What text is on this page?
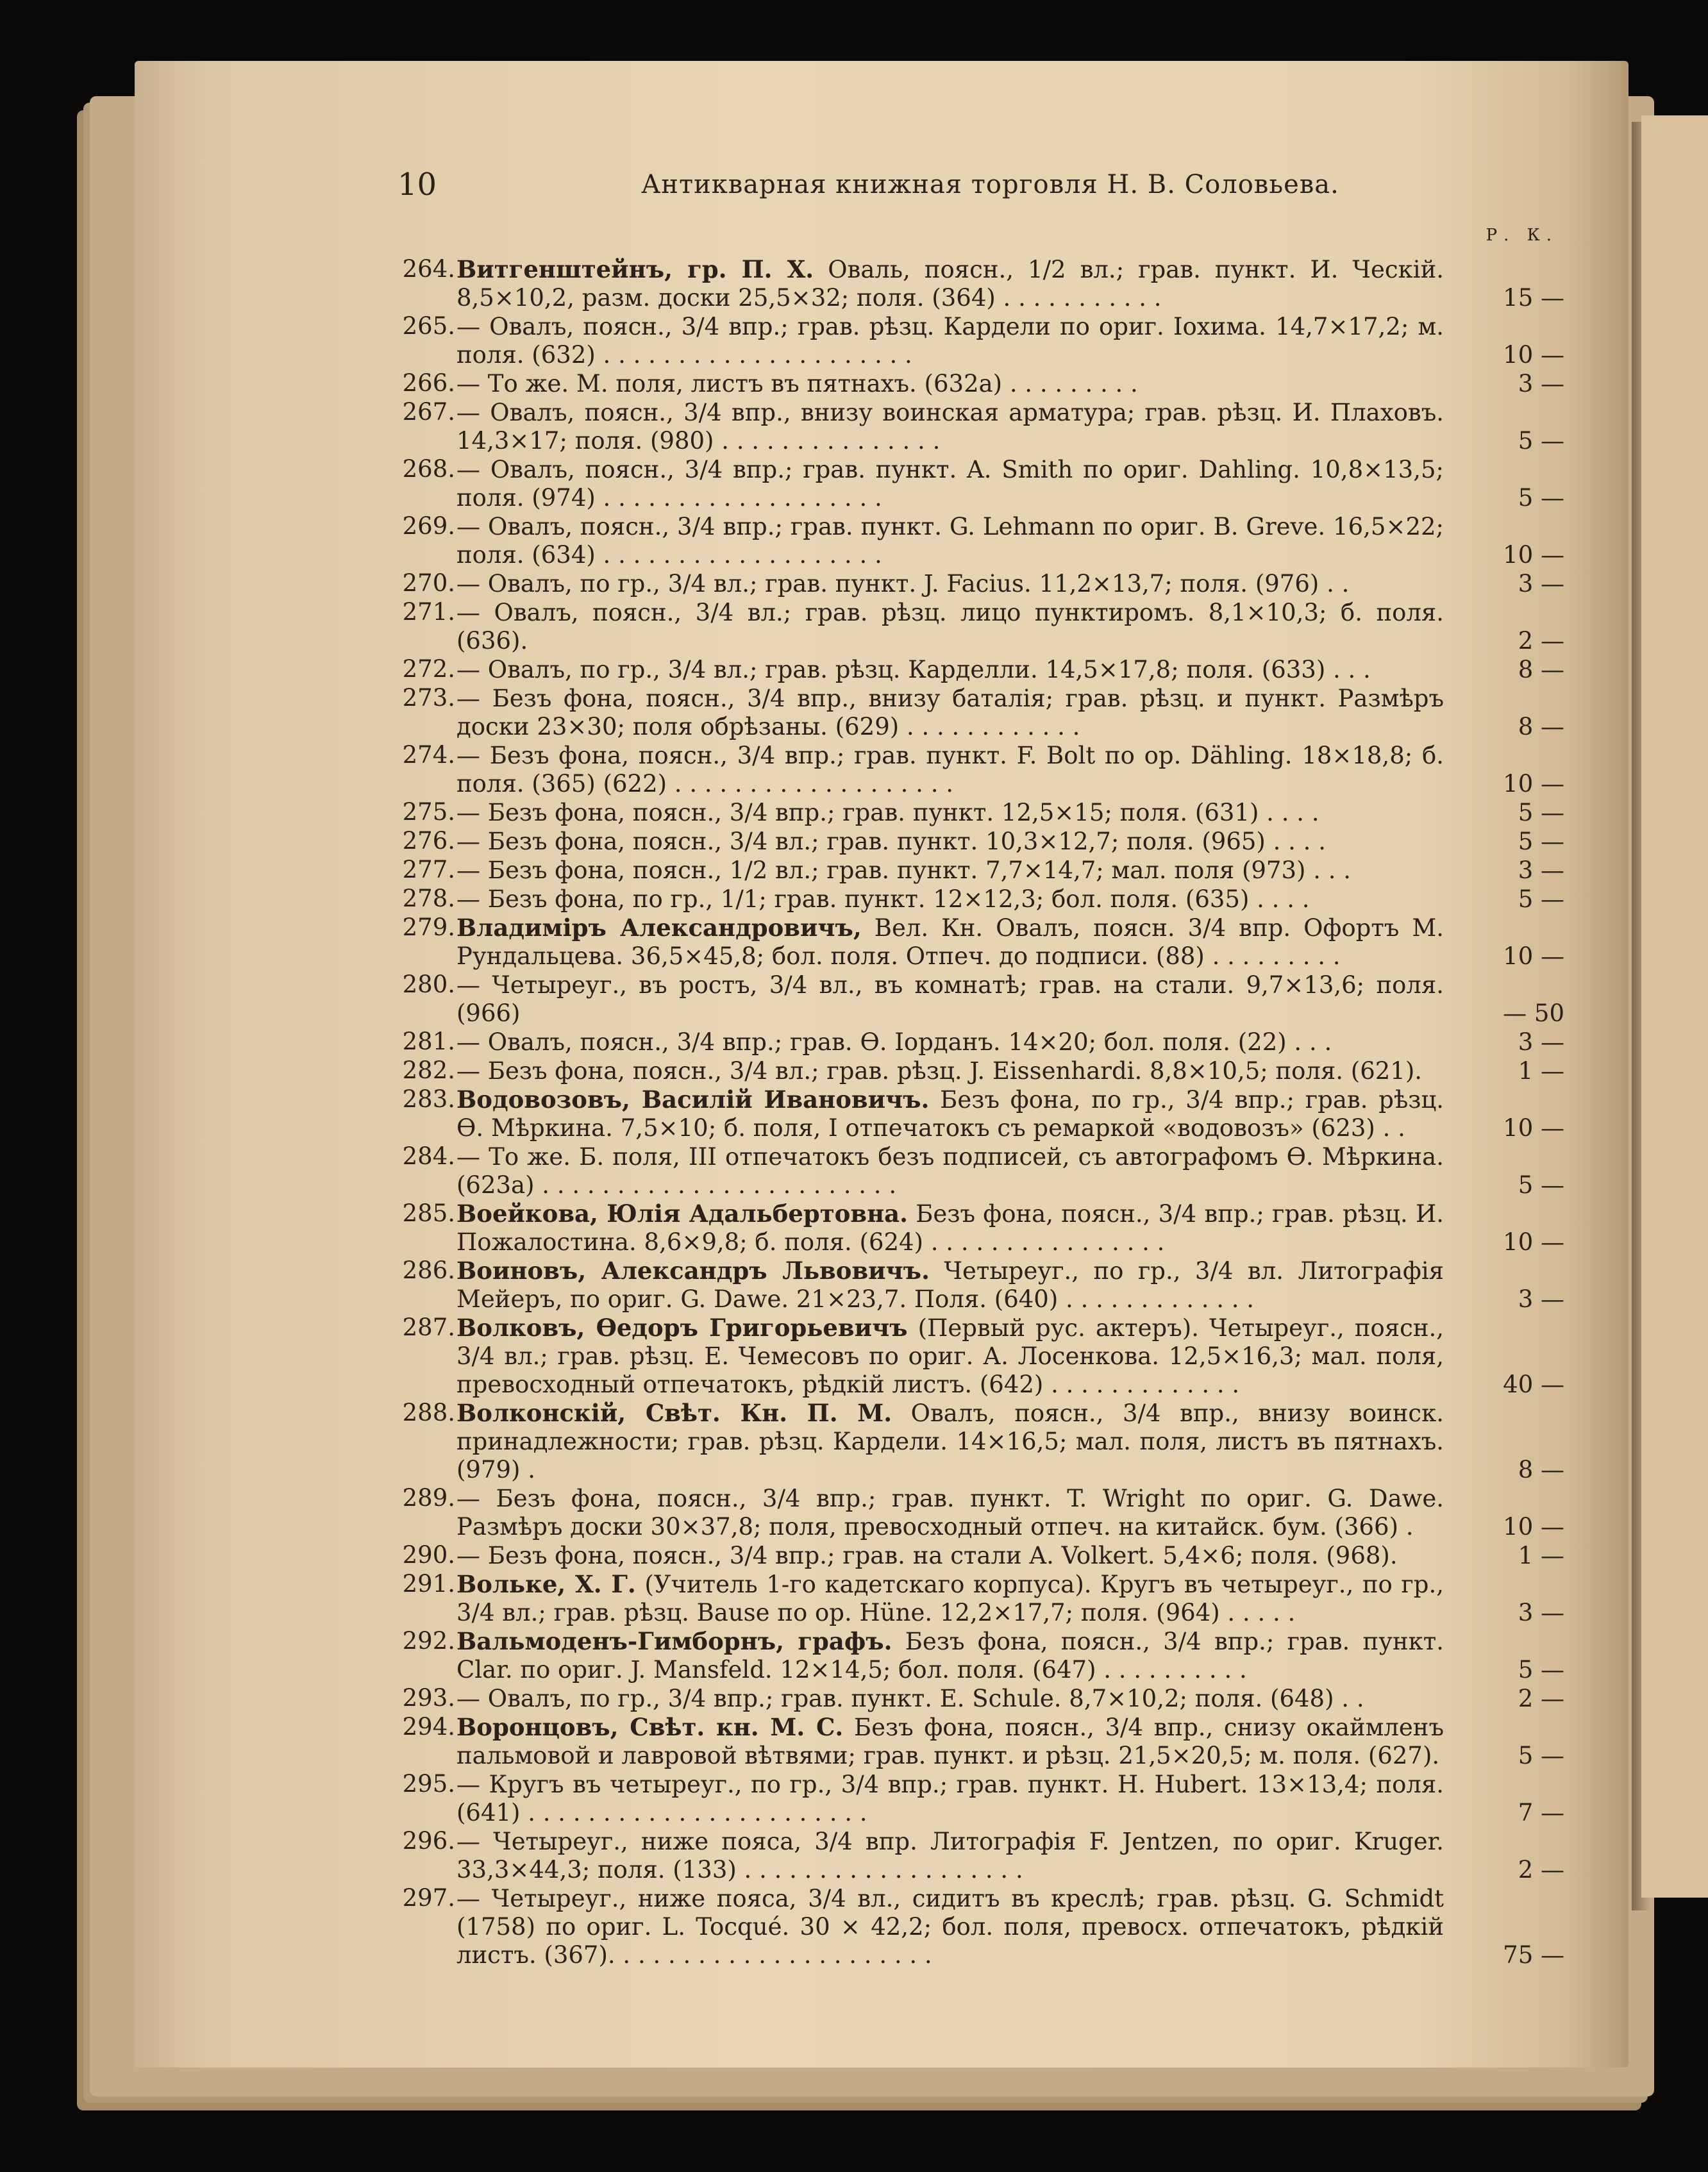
10	Антикварная книжная торговля Н. В. Соловьева.
Р. К.
264. Витгенштейнъ, гр. П. Х. Оваль, поясн., 1/2 вл.; грав. пункт. И. Ческій. 8,5×10,2, разм. доски 25,5×32; поля. (364) . . . . . . . . . . .	15 —
265. — Овалъ, поясн., 3/4 впр.; грав. рѣзц. Кардели по ориг. Іохима. 14,7×17,2; м. поля. (632) . . . . . . . . . . . . . . . . . . . . .	10 —
266. — То же. М. поля, листъ въ пятнахъ. (632а) . . . . . . . . .	3 —
267. — Овалъ, поясн., 3/4 впр., внизу воинская арматура; грав. рѣзц. И. Плаховъ. 14,3×17; поля. (980) . . . . . . . . . . . . . . .	5 —
268. — Овалъ, поясн., 3/4 впр.; грав. пункт. A. Smith по ориг. Dahling. 10,8×13,5; поля. (974) . . . . . . . . . . . . . . . . . . .	5 —
269. — Овалъ, поясн., 3/4 впр.; грав. пункт. G. Lehmann по ориг. B. Greve. 16,5×22; поля. (634) . . . . . . . . . . . . . . . . . . .	10 —
270. — Овалъ, по гр., 3/4 вл.; грав. пункт. J. Facius. 11,2×13,7; поля. (976) . .	3 —
271. — Овалъ, поясн., 3/4 вл.; грав. рѣзц. лицо пунктиромъ. 8,1×10,3; б. поля. (636).	2 —
272. — Овалъ, по гр., 3/4 вл.; грав. рѣзц. Карделли. 14,5×17,8; поля. (633) . . .	8 —
273. — Безъ фона, поясн., 3/4 впр., внизу баталія; грав. рѣзц. и пункт. Размѣръ доски 23×30; поля обрѣзаны. (629) . . . . . . . . . . . .	8 —
274. — Безъ фона, поясн., 3/4 впр.; грав. пункт. F. Bolt по ор. Dähling. 18×18,8; б. поля. (365) (622) . . . . . . . . . . . . . . . . . . .	10 —
275. — Безъ фона, поясн., 3/4 впр.; грав. пункт. 12,5×15; поля. (631) . . . .	5 —
276. — Безъ фона, поясн., 3/4 вл.; грав. пункт. 10,3×12,7; поля. (965) . . . .	5 —
277. — Безъ фона, поясн., 1/2 вл.; грав. пункт. 7,7×14,7; мал. поля (973) . . .	3 —
278. — Безъ фона, по гр., 1/1; грав. пункт. 12×12,3; бол. поля. (635) . . . .	5 —
279. Владиміръ Александровичъ, Вел. Кн. Овалъ, поясн. 3/4 впр. Офортъ М. Рундальцева. 36,5×45,8; бол. поля. Отпеч. до подписи. (88) . . . . . . . . .	10 —
280. — Четыреуг., въ ростъ, 3/4 вл., въ комнатѣ; грав. на стали. 9,7×13,6; поля. (966)	— 50
281. — Овалъ, поясн., 3/4 впр.; грав. Ѳ. Іорданъ. 14×20; бол. поля. (22) . . .	3 —
282. — Безъ фона, поясн., 3/4 вл.; грав. рѣзц. J. Eissenhardi. 8,8×10,5; поля. (621).	1 —
283. Водовозовъ, Василій Ивановичъ. Безъ фона, по гр., 3/4 впр.; грав. рѣзц. Ѳ. Мѣркина. 7,5×10; б. поля, I отпечатокъ съ ремаркой «водовозъ» (623) . .	10 —
284. — То же. Б. поля, III отпечатокъ безъ подписей, съ автографомъ Ѳ. Мѣркина. (623а) . . . . . . . . . . . . . . . . . . . . . . . .	5 —
285. Воейкова, Юлія Адальбертовна. Безъ фона, поясн., 3/4 впр.; грав. рѣзц. И. Пожалостина. 8,6×9,8; б. поля. (624) . . . . . . . . . . . . . . . .	10 —
286. Воиновъ, Александръ Львовичъ. Четыреуг., по гр., 3/4 вл. Литографія Мейеръ, по ориг. G. Dawe. 21×23,7. Поля. (640) . . . . . . . . . . . . .	3 —
287. Волковъ, Ѳедоръ Григорьевичъ (Первый рус. актеръ). Четыреуг., поясн., 3/4 вл.; грав. рѣзц. Е. Чемесовъ по ориг. А. Лосенкова. 12,5×16,3; мал. поля, превосходный отпечатокъ, рѣдкій листъ. (642) . . . . . . . . . . . . .	40 —
288. Волконскій, Свѣт. Кн. П. М. Овалъ, поясн., 3/4 впр., внизу воинск. принадлежности; грав. рѣзц. Кардели. 14×16,5; мал. поля, листъ въ пятнахъ. (979) .	8 —
289. — Безъ фона, поясн., 3/4 впр.; грав. пункт. T. Wright по ориг. G. Dawe. Размѣръ доски 30×37,8; поля, превосходный отпеч. на китайск. бум. (366) .	10 —
290. — Безъ фона, поясн., 3/4 впр.; грав. на стали A. Volkert. 5,4×6; поля. (968).	1 —
291. Вольке, Х. Г. (Учитель 1-го кадетскаго корпуса). Кругъ въ четыреуг., по гр., 3/4 вл.; грав. рѣзц. Bause по ор. Hüne. 12,2×17,7; поля. (964) . . . . .	3 —
292. Вальмоденъ-Гимборнъ, графъ. Безъ фона, поясн., 3/4 впр.; грав. пункт. Clar. по ориг. J. Mansfeld. 12×14,5; бол. поля. (647) . . . . . . . . . .	5 —
293. — Овалъ, по гр., 3/4 впр.; грав. пункт. E. Schule. 8,7×10,2; поля. (648) . .	2 —
294. Воронцовъ, Свѣт. кн. М. С. Безъ фона, поясн., 3/4 впр., снизу окаймленъ пальмовой и лавровой вѣтвями; грав. пункт. и рѣзц. 21,5×20,5; м. поля. (627).	5 —
295. — Кругъ въ четыреуг., по гр., 3/4 впр.; грав. пункт. H. Hubert. 13×13,4; поля. (641) . . . . . . . . . . . . . . . . . . . . . . .	7 —
296. — Четыреуг., ниже пояса, 3/4 впр. Литографія F. Jentzen, по ориг. Kruger. 33,3×44,3; поля. (133) . . . . . . . . . . . . . . . . . . .	2 —
297. — Четыреуг., ниже пояса, 3/4 вл., сидитъ въ креслѣ; грав. рѣзц. G. Schmidt (1758) по ориг. L. Tocqué. 30 × 42,2; бол. поля, превосх. отпечатокъ, рѣдкій листъ. (367). . . . . . . . . . . . . . . . . . . . . .	75 —
